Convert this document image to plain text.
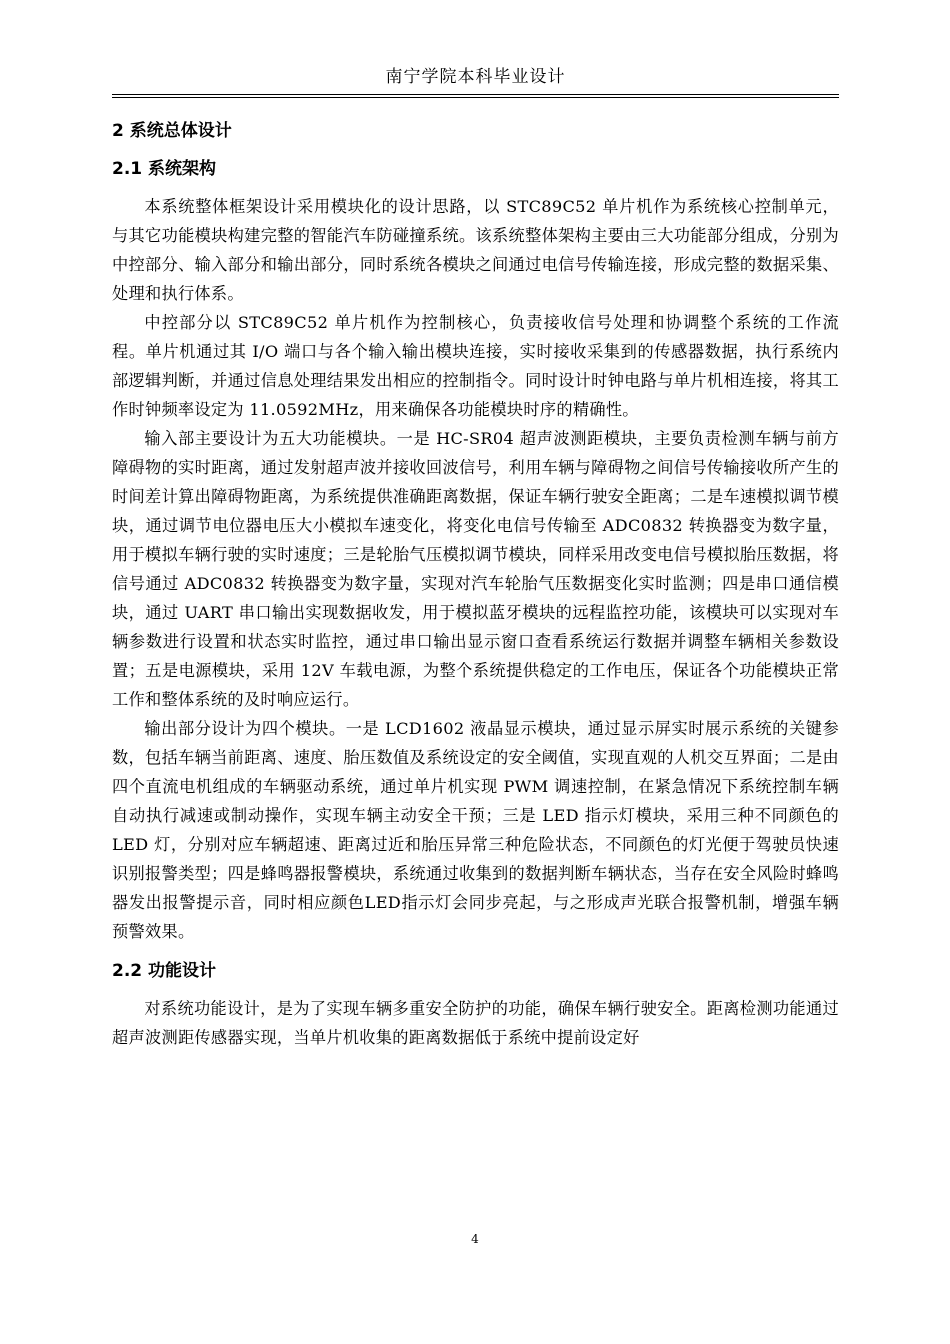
南宁学院本科毕业设计
2 系统总体设计
2.1 系统架构

本系统整体框架设计采用模块化的设计思路，以 STC89C52 单片机作为系统核心控制单元，与其它功能模块构建完整的智能汽车防碰撞系统。该系统整体架构主要由三大功能部分组成，分别为中控部分、输入部分和输出部分，同时系统各模块之间通过电信号传输连接，形成完整的数据采集、处理和执行体系。

中控部分以 STC89C52 单片机作为控制核心，负责接收信号处理和协调整个系统的工作流程。单片机通过其 I/O 端口与各个输入输出模块连接，实时接收采集到的传感器数据，执行系统内部逻辑判断，并通过信息处理结果发出相应的控制指令。同时设计时钟电路与单片机相连接，将其工作时钟频率设定为 11.0592MHz，用来确保各功能模块时序的精确性。

输入部主要设计为五大功能模块。一是 HC-SR04 超声波测距模块，主要负责检测车辆与前方障碍物的实时距离，通过发射超声波并接收回波信号，利用车辆与障碍物之间信号传输接收所产生的时间差计算出障碍物距离，为系统提供准确距离数据，保证车辆行驶安全距离；二是车速模拟调节模块，通过调节电位器电压大小模拟车速变化，将变化电信号传输至 ADC0832 转换器变为数字量，用于模拟车辆行驶的实时速度；三是轮胎气压模拟调节模块，同样采用改变电信号模拟胎压数据，将信号通过 ADC0832 转换器变为数字量，实现对汽车轮胎气压数据变化实时监测；四是串口通信模块，通过 UART 串口输出实现数据收发，用于模拟蓝牙模块的远程监控功能，该模块可以实现对车辆参数进行设置和状态实时监控，通过串口输出显示窗口查看系统运行数据并调整车辆相关参数设置；五是电源模块，采用 12V 车载电源，为整个系统提供稳定的工作电压，保证各个功能模块正常工作和整体系统的及时响应运行。

输出部分设计为四个模块。一是 LCD1602 液晶显示模块，通过显示屏实时展示系统的关键参数，包括车辆当前距离、速度、胎压数值及系统设定的安全阈值，实现直观的人机交互界面；二是由四个直流电机组成的车辆驱动系统，通过单片机实现 PWM 调速控制，在紧急情况下系统控制车辆自动执行减速或制动操作，实现车辆主动安全干预；三是 LED 指示灯模块，采用三种不同颜色的 LED 灯，分别对应车辆超速、距离过近和胎压异常三种危险状态，不同颜色的灯光便于驾驶员快速识别报警类型；四是蜂鸣器报警模块，系统通过收集到的数据判断车辆状态，当存在安全风险时蜂鸣器发出报警提示音，同时相应颜色LED指示灯会同步亮起，与之形成声光联合报警机制，增强车辆预警效果。

2.2 功能设计

对系统功能设计，是为了实现车辆多重安全防护的功能，确保车辆行驶安全。距离检测功能通过超声波测距传感器实现，当单片机收集的距离数据低于系统中提前设定好

4
